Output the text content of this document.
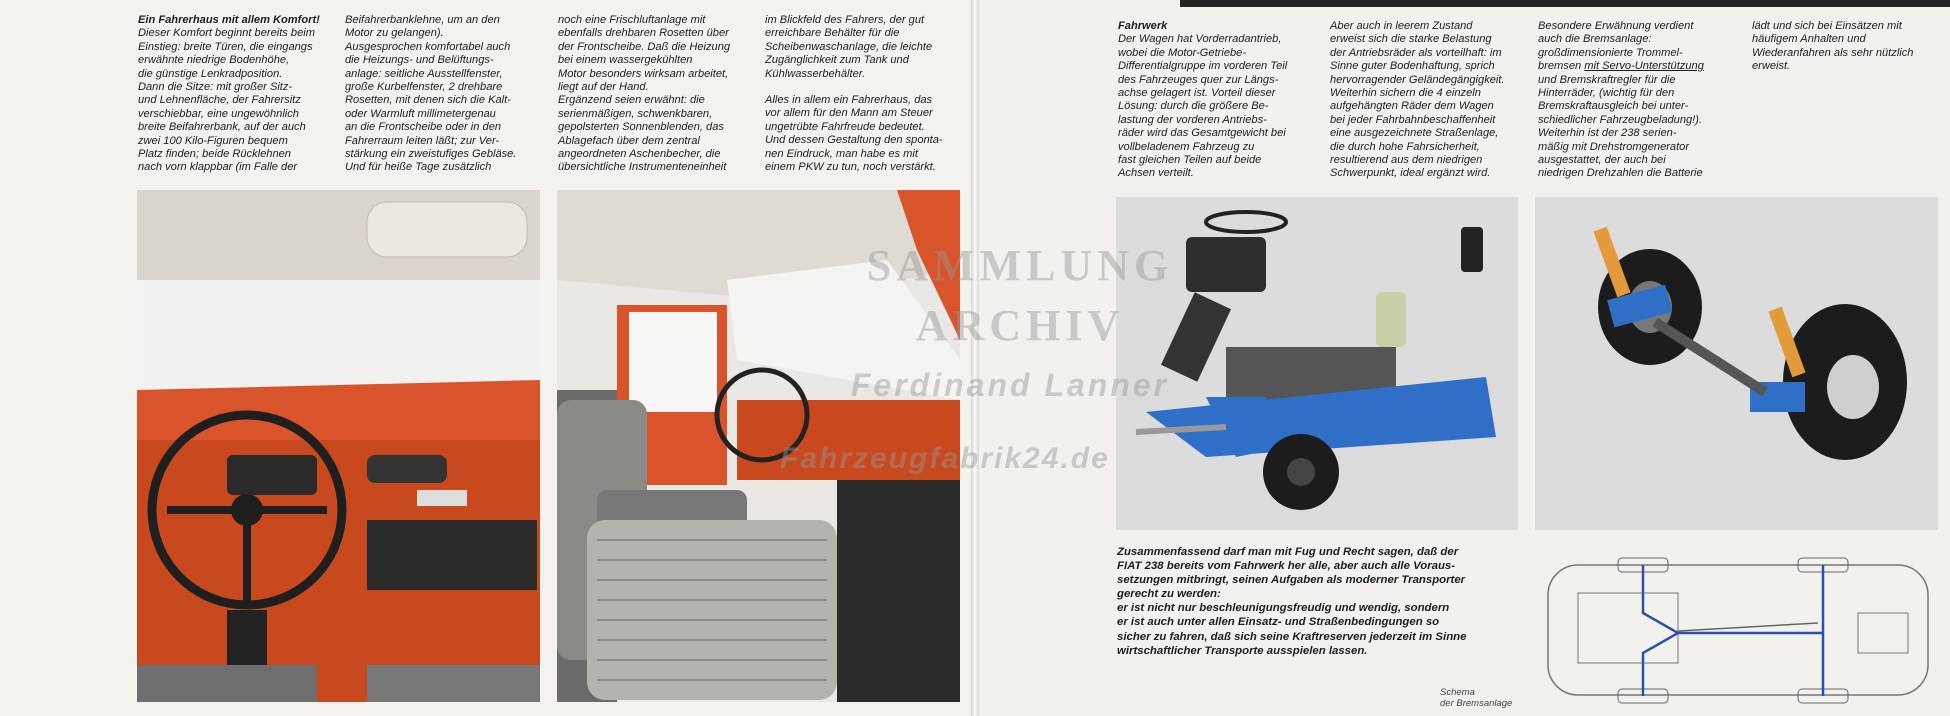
Ein Fahrerhaus mit allem Komfort!

Dieser Komfort beginnt bereits beim
Einstieg: breite Türen, die eingangs
erwähnte niedrige Bodenhöhe,
die günstige Lenkradposition.
Dann die Sitze: mit großer Sitz-
und Lehnenfläche, der Fahrersitz
verschiebbar, eine ungewöhnlich
breite Beifahrerbank, auf der auch
zwei 100 Kilo-Figuren bequem
Platz finden; beide Rücklehnen
nach vorn klappbar (im Falle der

Beifahrerbanklehne, um an den
Motor zu gelangen).
Ausgesprochen komfortabel auch
die Heizungs- und Belüftungs-
anlage: seitliche Ausstellfenster,
große Kurbelfenster, 2 drehbare
Rosetten, mit denen sich die Kalt-
oder Warmluft millimetergenau
an die Frontscheibe oder in den
Fahrerraum leiten läßt; zur Ver-
stärkung ein zweistufiges Gebläse.
Und für heiße Tage zusätzlich

noch eine Frischluftanlage mit
ebenfalls drehbaren Rosetten über
der Frontscheibe. Daß die Heizung
bei einem wassergekühlten
Motor besonders wirksam arbeitet,
liegt auf der Hand.
Ergänzend seien erwähnt: die
serienmäßigen, schwenkbaren,
gepolsterten Sonnenblenden, das
Ablagefach über dem zentral
angeordneten Aschenbecher, die
übersichtliche Instrumenteneinheit

im Blickfeld des Fahrers, der gut
erreichbare Behälter für die
Scheibenwaschanlage, die leichte
Zugänglichkeit zum Tank und
Kühlwasserbehälter.

Alles in allem ein Fahrerhaus, das
vor allem für den Mann am Steuer
ungetrübte Fahrfreude bedeutet.
Und dessen Gestaltung den sponta-
nen Eindruck, man habe es mit
einem PKW zu tun, noch verstärkt.

Fahrwerk

Der Wagen hat Vorderradantrieb,
wobei die Motor-Getriebe-
Differentialgruppe im vorderen Teil
des Fahrzeuges quer zur Längs-
achse gelagert ist. Vorteil dieser
Lösung: durch die größere Be-
lastung der vorderen Antriebs-
räder wird das Gesamtgewicht bei
vollbeladenem Fahrzeug zu
fast gleichen Teilen auf beide
Achsen verteilt.

Aber auch in leerem Zustand
erweist sich die starke Belastung
der Antriebsräder als vorteilhaft: im
Sinne guter Bodenhaftung, sprich
hervorragender Geländegängigkeit.
Weiterhin sichern die 4 einzeln
aufgehängten Räder dem Wagen
bei jeder Fahrbahnbeschaffenheit
eine ausgezeichnete Straßenlage,
die durch hohe Fahrsicherheit,
resultierend aus dem niedrigen
Schwerpunkt, ideal ergänzt wird.

Besondere Erwähnung verdient
auch die Bremsanlage:
großdimensionierte Trommel-
bremsen mit Servo-Unterstützung
und Bremskraftregler für die
Hinterräder, (wichtig für den
Bremskraftausgleich bei unter-
schiedlicher Fahrzeugbeladung!).
Weiterhin ist der 238 serien-
mäßig mit Drehstromgenerator
ausgestattet, der auch bei
niedrigen Drehzahlen die Batterie

lädt und sich bei Einsätzen mit
häufigem Anhalten und
Wiederanfahren als sehr nützlich
erweist.

Zusammenfassend darf man mit Fug und Recht sagen, daß der
FIAT 238 bereits vom Fahrwerk her alle, aber auch alle Voraus-
setzungen mitbringt, seinen Aufgaben als moderner Transporter
gerecht zu werden:
er ist nicht nur beschleunigungsfreudig und wendig, sondern
er ist auch unter allen Einsatz- und Straßenbedingungen so
sicher zu fahren, daß sich seine Kraftreserven jederzeit im Sinne
wirtschaftlicher Transporte ausspielen lassen.
Schema
der Bremsanlage
SAMMLUNG
ARCHIV
Ferdinand Lanner
Fahrzeugfabrik24.de
